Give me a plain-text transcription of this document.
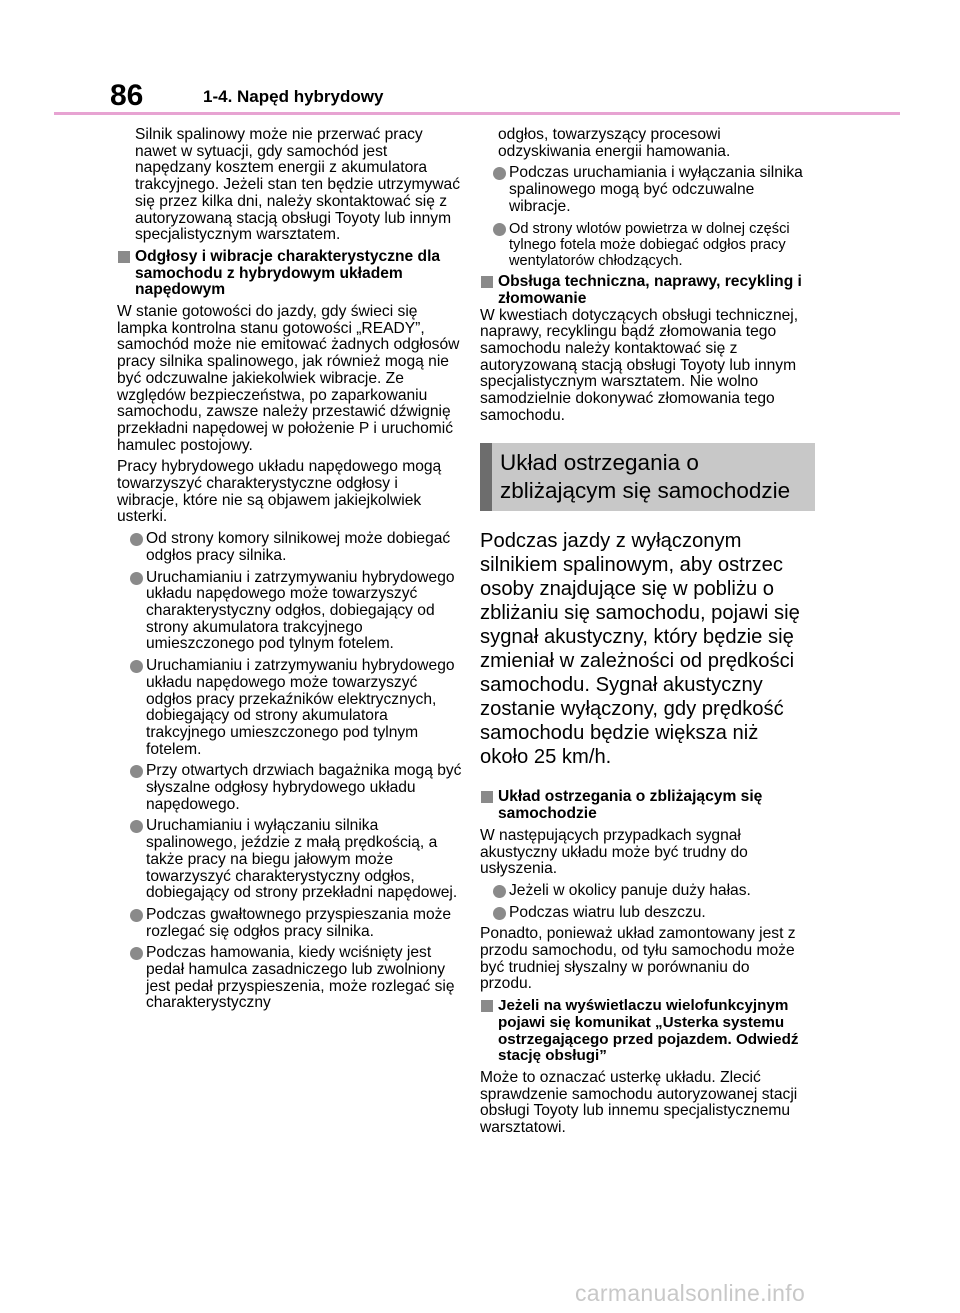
86	1-4. Napęd hybrydowy

Silnik spalinowy może nie przerwać pracy nawet w sytuacji, gdy samochód jest napędzany kosztem energii z akumulatora trakcyjnego. Jeżeli stan ten będzie utrzymywać się przez kilka dni, należy skontaktować się z autoryzowaną stacją obsługi Toyoty lub innym specjalistycznym warsztatem.

Odgłosy i wibracje charakterystyczne dla samochodu z hybrydowym układem napędowym

W stanie gotowości do jazdy, gdy świeci się lampka kontrolna stanu gotowości „READY”, samochód może nie emitować żadnych odgłosów pracy silnika spalinowego, jak również mogą nie być odczuwalne jakiekolwiek wibracje. Ze względów bezpieczeństwa, po zaparkowaniu samochodu, zawsze należy przestawić dźwignię przekładni napędowej w położenie P i uruchomić hamulec postojowy.

Pracy hybrydowego układu napędowego mogą towarzyszyć charakterystyczne odgłosy i wibracje, które nie są objawem jakiejkolwiek usterki.

Od strony komory silnikowej może dobiegać odgłos pracy silnika.

Uruchamianiu i zatrzymywaniu hybrydowego układu napędowego może towarzyszyć charakterystyczny odgłos, dobiegający od strony akumulatora trakcyjnego umieszczonego pod tylnym fotelem.

Uruchamianiu i zatrzymywaniu hybrydowego układu napędowego może towarzyszyć odgłos pracy przekaźników elektrycznych, dobiegający od strony akumulatora trakcyjnego umieszczonego pod tylnym fotelem.

Przy otwartych drzwiach bagażnika mogą być słyszalne odgłosy hybrydowego układu napędowego.

Uruchamianiu i wyłączaniu silnika spalinowego, jeździe z małą prędkością, a także pracy na biegu jałowym może towarzyszyć charakterystyczny odgłos, dobiegający od strony przekładni napędowej.

Podczas gwałtownego przyspieszania może rozlegać się odgłos pracy silnika.

Podczas hamowania, kiedy wciśnięty jest pedał hamulca zasadniczego lub zwolniony jest pedał przyspieszenia, może rozlegać się charakterystyczny

odgłos, towarzyszący procesowi odzyskiwania energii hamowania.

Podczas uruchamiania i wyłączania silnika spalinowego mogą być odczuwalne wibracje.

Od strony wlotów powietrza w dolnej części tylnego fotela może dobiegać odgłos pracy wentylatorów chłodzących.

Obsługa techniczna, naprawy, recykling i złomowanie

W kwestiach dotyczących obsługi technicznej, naprawy, recyklingu bądź złomowania tego samochodu należy kontaktować się z autoryzowaną stacją obsługi Toyoty lub innym specjalistycznym warsztatem. Nie wolno samodzielnie dokonywać złomowania tego samochodu.

Układ ostrzegania o zbliżającym się samochodzie

Podczas jazdy z wyłączonym silnikiem spalinowym, aby ostrzec osoby znajdujące się w pobliżu o zbliżaniu się samochodu, pojawi się sygnał akustyczny, który będzie się zmieniał w zależności od prędkości samochodu. Sygnał akustyczny zostanie wyłączony, gdy prędkość samochodu będzie większa niż około 25 km/h.

Układ ostrzegania o zbliżającym się samochodzie

W następujących przypadkach sygnał akustyczny układu może być trudny do usłyszenia.

Jeżeli w okolicy panuje duży hałas.

Podczas wiatru lub deszczu.

Ponadto, ponieważ układ zamontowany jest z przodu samochodu, od tyłu samochodu może być trudniej słyszalny w porównaniu do przodu.

Jeżeli na wyświetlaczu wielofunkcyjnym pojawi się komunikat „Usterka systemu ostrzegającego przed pojazdem. Odwiedź stację obsługi”

Może to oznaczać usterkę układu. Zlecić sprawdzenie samochodu autoryzowanej stacji obsługi Toyoty lub innemu specjalistycznemu warsztatowi.

carmanualsonline.info
